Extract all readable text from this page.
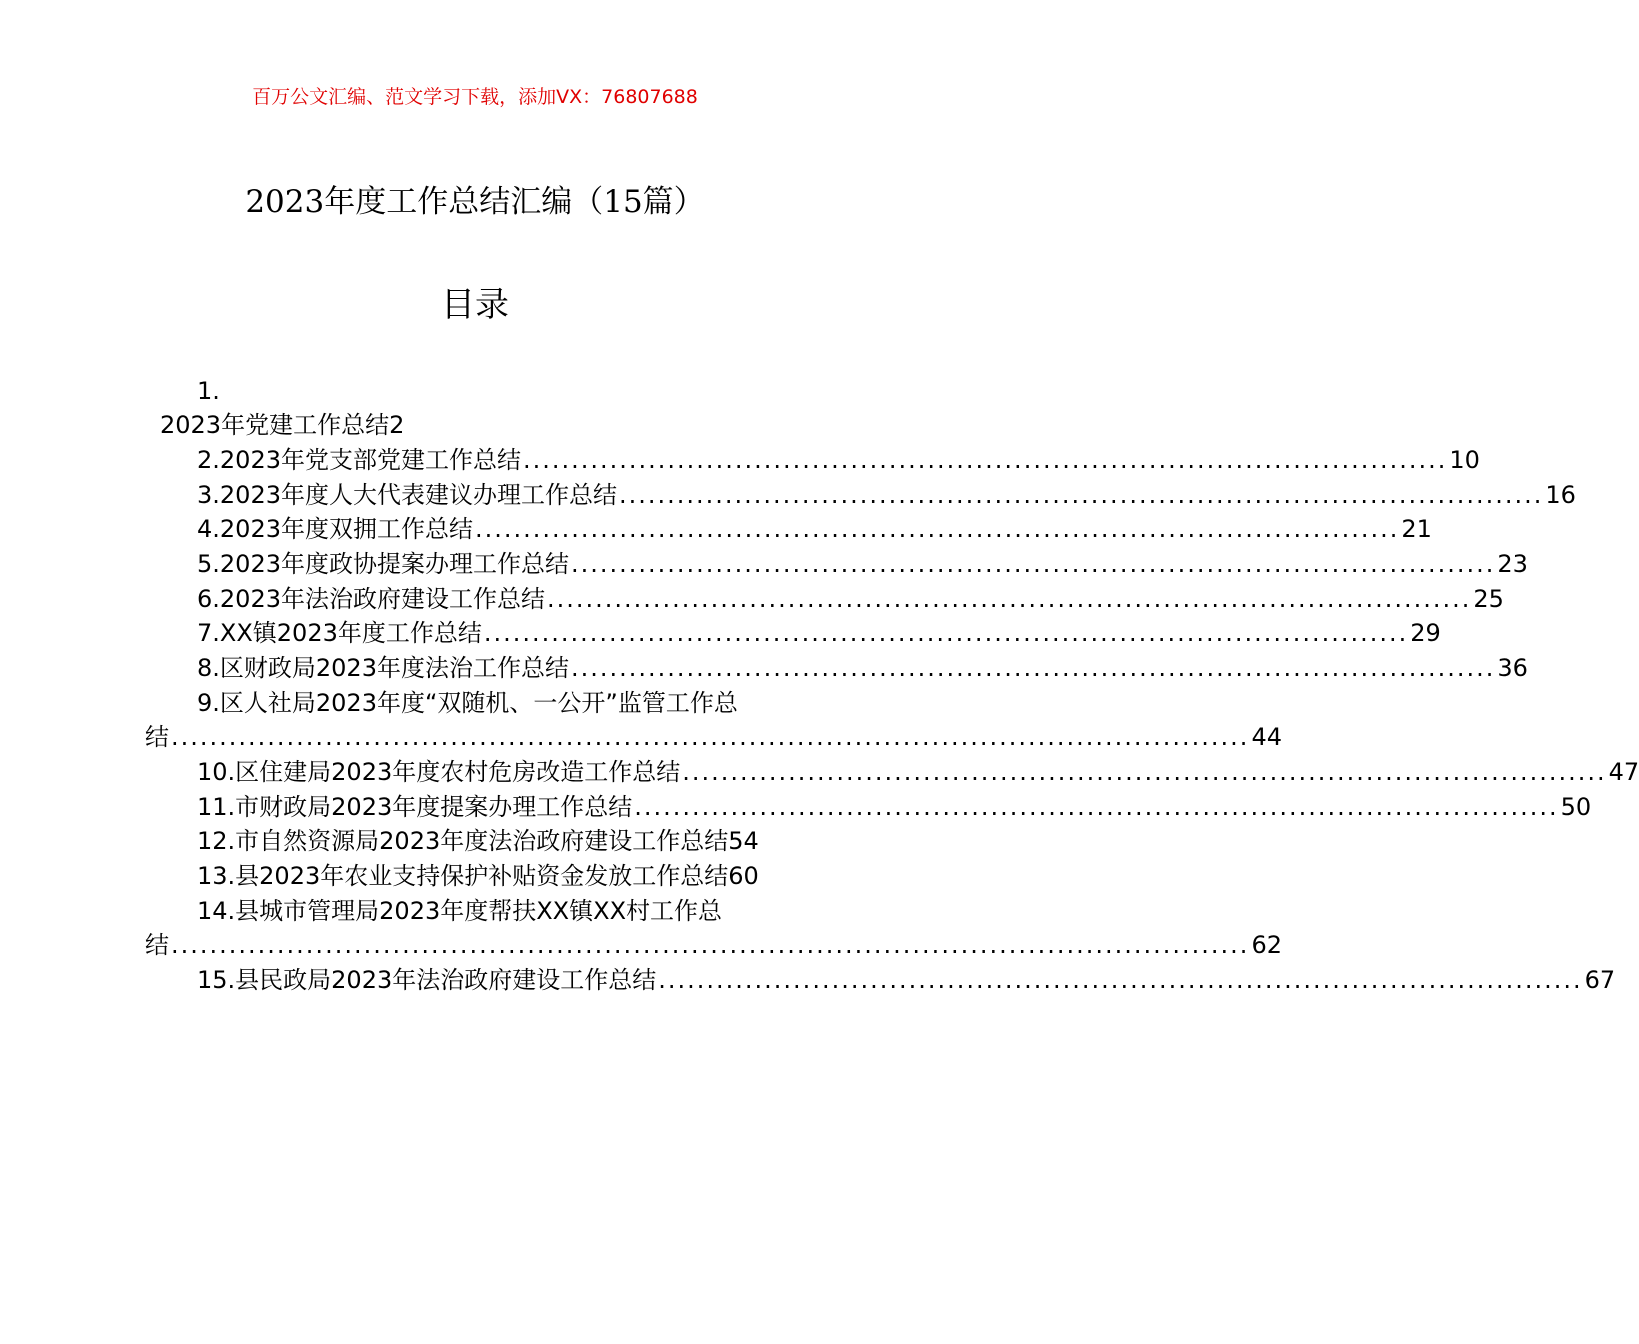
百万公文汇编、范文学习下载，添加VX：76807688
2023年度工作总结汇编（15篇）
目录
1.
2023年党建工作总结2
2.2023年党支部党建工作总结 ................................................................................................ 10
3.2023年度人大代表建议办理工作总结 ................................................................................................ 16
4.2023年度双拥工作总结 ................................................................................................ 21
5.2023年度政协提案办理工作总结 ................................................................................................ 23
6.2023年法治政府建设工作总结 ................................................................................................ 25
7.XX镇2023年度工作总结 ................................................................................................ 29
8.区财政局2023年度法治工作总结 ................................................................................................ 36
9.区人社局2023年度“双随机、一公开”监管工作总
结 ................................................................................................................ 44
10.区住建局2023年度农村危房改造工作总结 ................................................................................................ 47
11.市财政局2023年度提案办理工作总结 ................................................................................................ 50
12.市自然资源局2023年度法治政府建设工作总结54
13.县2023年农业支持保护补贴资金发放工作总结60
14.县城市管理局2023年度帮扶XX镇XX村工作总
结 ................................................................................................................ 62
15.县民政局2023年法治政府建设工作总结 ................................................................................................ 67
